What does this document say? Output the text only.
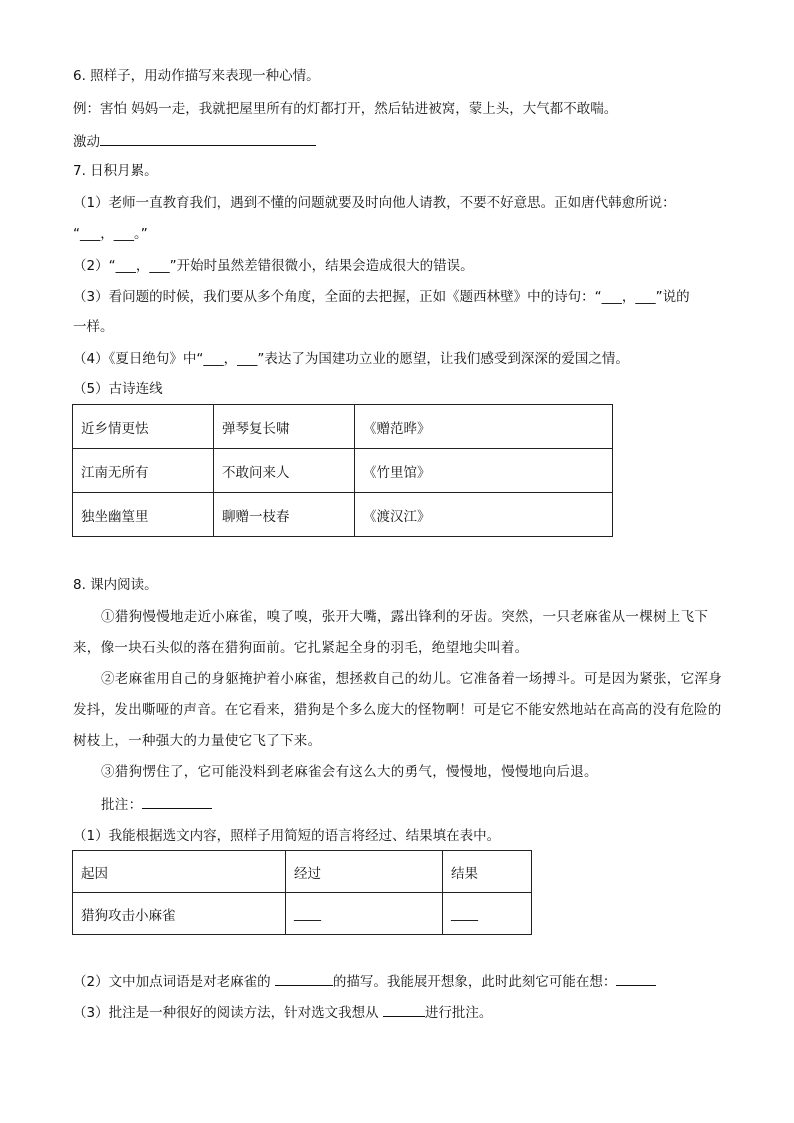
6. 照样子，用动作描写来表现一种心情。
例：害怕 妈妈一走，我就把屋里所有的灯都打开，然后钻进被窝，蒙上头，大气都不敢喘。
激动
7. 日积月累。
（1）老师一直教育我们，遇到不懂的问题就要及时向他人请教，不要不好意思。正如唐代韩愈所说：
“___，___。”
（2）“___，___”开始时虽然差错很微小，结果会造成很大的错误。
（3）看问题的时候，我们要从多个角度，全面的去把握，正如《题西林壁》中的诗句：“___，___”说的
一样。
（4）《夏日绝句》中“___，___”表达了为国建功立业的愿望，让我们感受到深深的爱国之情。
（5）古诗连线
近乡情更怯	弹琴复长啸	《赠范晔》
江南无所有	不敢问来人	《竹里馆》
独坐幽篁里	聊赠一枝春	《渡汉江》
8. 课内阅读。
①猎狗慢慢地走近小麻雀，嗅了嗅，张开大嘴，露出锋利的牙齿。突然，一只老麻雀从一棵树上飞下来，像一块石头似的落在猎狗面前。它扎紧起全身的羽毛，绝望地尖叫着。
②老麻雀用自己的身躯掩护着小麻雀，想拯救自己的幼儿。它准备着一场搏斗。可是因为紧张，它浑身发抖，发出嘶哑的声音。在它看来，猎狗是个多么庞大的怪物啊！可是它不能安然地站在高高的没有危险的树枝上，一种强大的力量使它飞了下来。
③猎狗愣住了，它可能没料到老麻雀会有这么大的勇气，慢慢地，慢慢地向后退。
批注：
（1）我能根据选文内容，照样子用简短的语言将经过、结果填在表中。
起因	经过	结果
猎狗攻击小麻雀	____	____
（2）文中加点词语是对老麻雀的	的描写。我能展开想象，此时此刻它可能在想：
（3）批注是一种很好的阅读方法，针对选文我想从	进行批注。
